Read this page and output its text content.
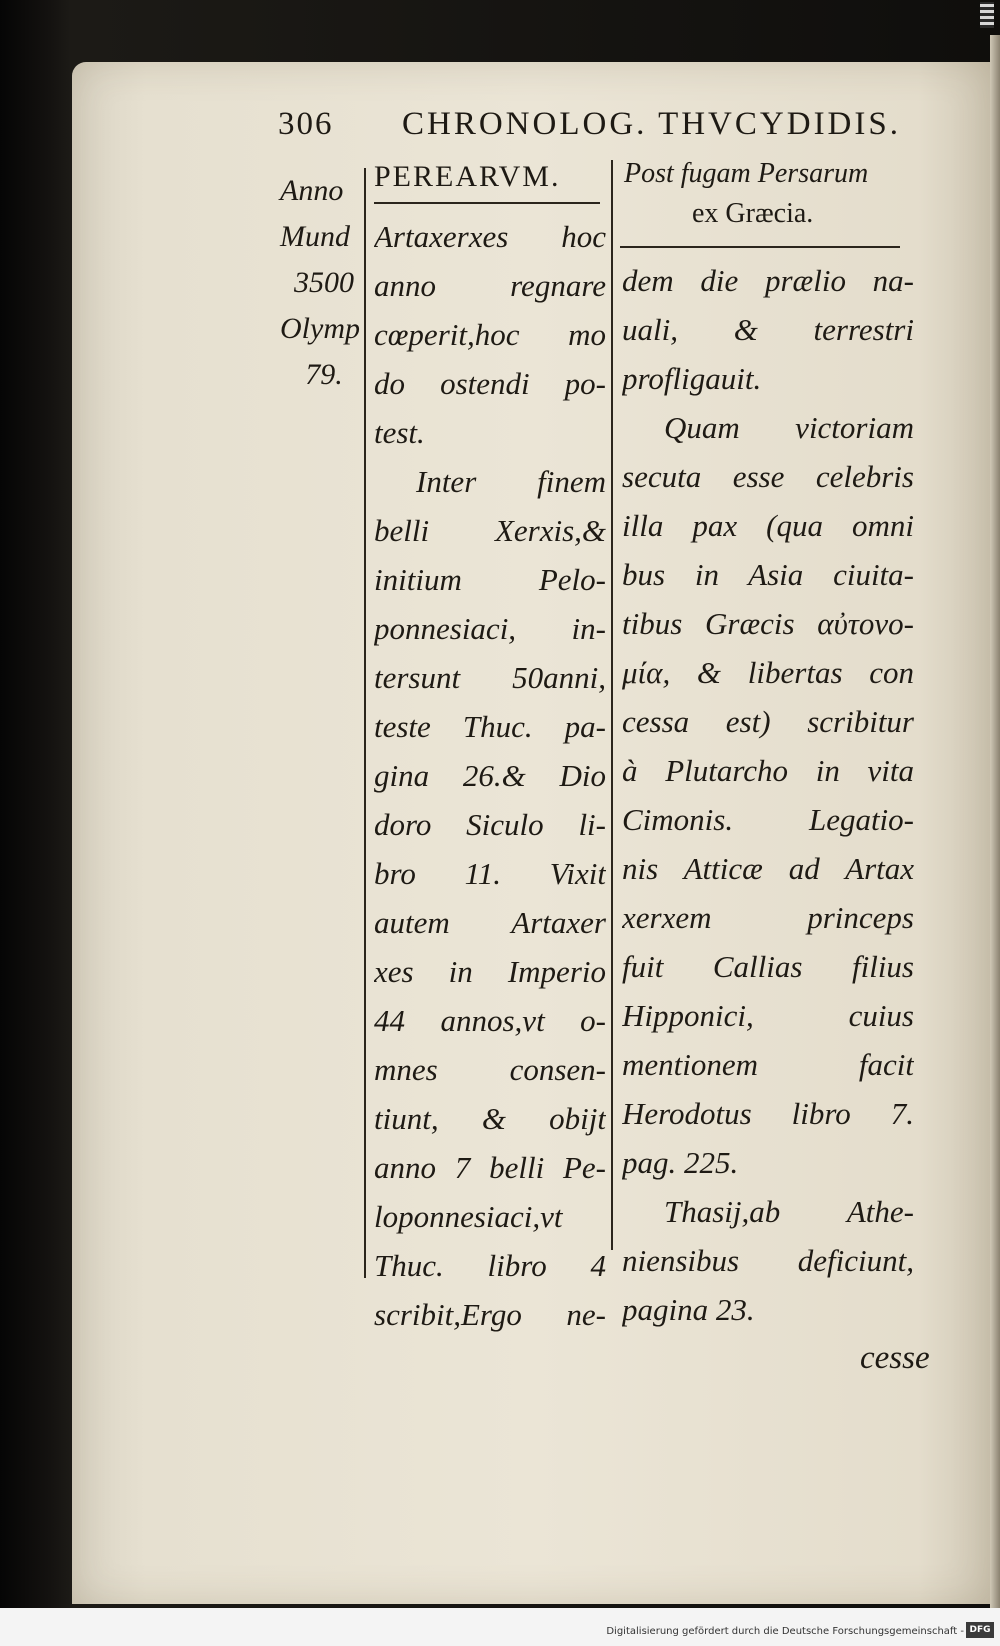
306 CHRONOLOG. THVCYDIDIS.
Anno
Mund
3500
Olymp
79.
PEREARVM. Post fugam Persarum
ex Græcia.
Artaxerxes hoc
anno regnare
cœperit,hoc mo
do ostendi po-
test.
Inter finem
belli Xerxis,&
initium Pelo-
ponnesiaci, in-
tersunt 50anni,
teste Thuc. pa-
gina 26.& Dio
doro Siculo li-
bro 11. Vixit
autem Artaxer
xes in Imperio
44 annos,vt o-
mnes consen-
tiunt, & obijt
anno 7 belli Pe-
loponnesiaci,vt
Thuc. libro 4
scribit,Ergo ne-
dem die prælio na-
uali, & terrestri
profligauit.
Quam victoriam
secuta esse celebris
illa pax (qua omni
bus in Asia ciuita-
tibus Græcis αὐτονο-
μία, & libertas con
cessa est) scribitur
à Plutarcho in vita
Cimonis. Legatio-
nis Atticæ ad Artax
xerxem princeps
fuit Callias filius
Hipponici, cuius
mentionem facit
Herodotus libro 7.
pag. 225.
Thasij,ab Athe-
niensibus deficiunt,
pagina 23.
cesse
Digitalisierung gefördert durch die Deutsche Forschungsgemeinschaft - DFG
